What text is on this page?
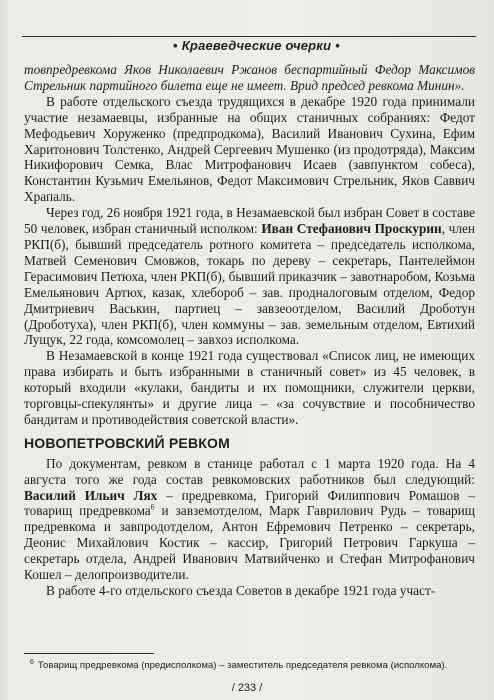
• Краеведческие очерки •

товпредревкома Яков Николаевич Ржанов беспартийный Федор Максимов Стрельник партийного билета еще не имеет. Врид председ ревкома Минин».

В работе отдельского съезда трудящихся в декабре 1920 года принимали участие незамаевцы, избранные на общих станичных собраниях: Федот Мефодьевич Хоруженко (предпродкома), Василий Иванович Сухина, Ефим Харитонович Толстенко, Андрей Сергеевич Мушенко (из продотряда), Максим Никифорович Семка, Влас Митрофанович Исаев (завпунктом собеса), Константин Кузьмич Емельянов, Федот Максимович Стрельник, Яков Саввич Храпаль.

Через год, 26 ноября 1921 года, в Незамаевской был избран Совет в составе 50 человек, избран станичный исполком: Иван Стефанович Проскурин, член РКП(б), бывший председатель ротного комитета – председатель исполкома, Матвей Семенович Смовжов, токарь по дереву – секретарь, Пантелеймон Герасимович Петюха, член РКП(б), бывший приказчик – завотнаробом, Козьма Емельянович Артюх, казак, хлебороб – зав. продналоговым отделом, Федор Дмитриевич Васькин, партиец – завзеоотделом, Василий Дроботун (Дроботуха), член РКП(б), член коммуны – зав. земельным отделом, Евтихий Лущук, 22 года, комсомолец – завхоз исполкома.

В Незамаевской в конце 1921 года существовал «Список лиц, не имеющих права избирать и быть избранными в станичный совет» из 45 человек, в который входили «кулаки, бандиты и их помощники, служители церкви, торговцы-спекулянты» и другие лица – «за сочувствие и пособничество бандитам и противодействия советской власти».

НОВОПЕТРОВСКИЙ РЕВКОМ

По документам, ревком в станице работал с 1 марта 1920 года. На 4 августа того же года состав ревкомовских работников был следующий: Василий Ильич Лях – предревкома, Григорий Филиппович Ромашов – товарищ предревкома$^6$ и завземотделом, Марк Гаврилович Рудь – товарищ предревкома и завпродотделом, Антон Ефремович Петренко – секретарь, Деонис Михайлович Костик – кассир, Григорий Петрович Гаркуша – секретарь отдела, Андрей Иванович Матвийченко и Стефан Митрофанович Кошел – делопроизводители.

В работе 4-го отдельского съезда Советов в декабре 1921 года участ-

$^6$ Товарищ предревкома (предисполкома) – заместитель председателя ревкома (исполкома).
/ 233 /
